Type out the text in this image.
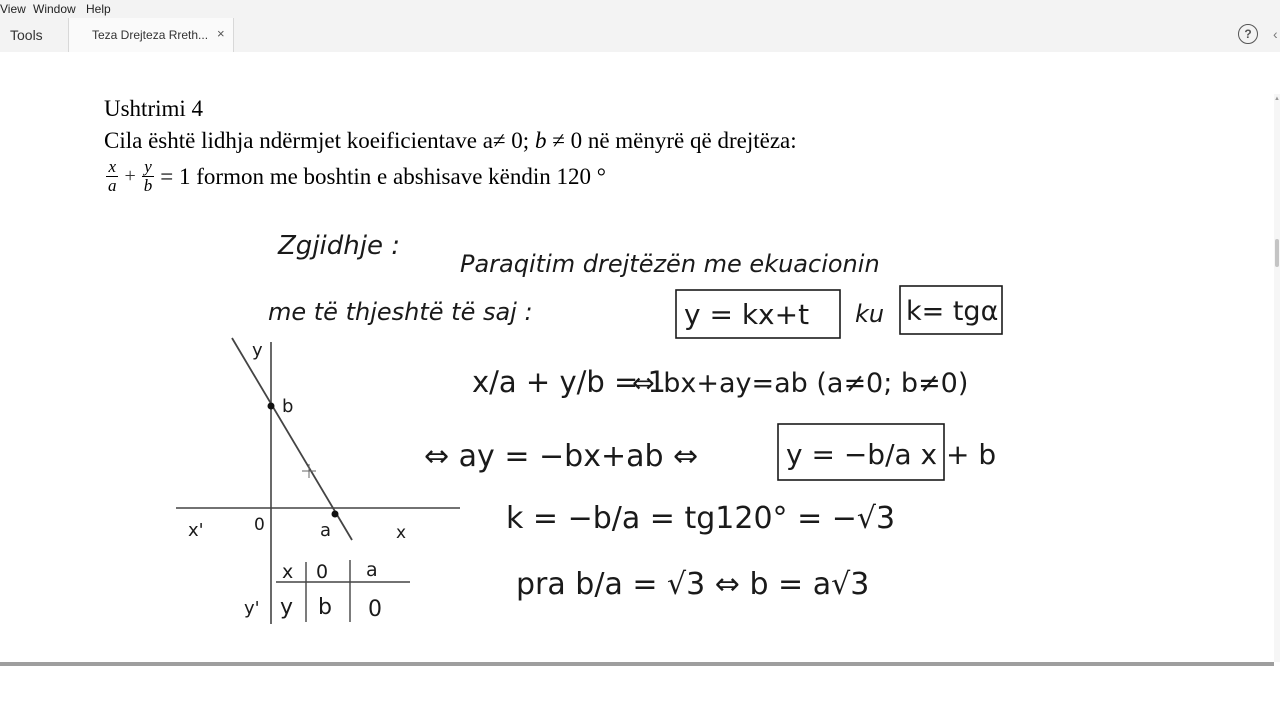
View Window Help
Tools	Teza Drejteza Rreth... ×	?	‹
Ushtrimi 4
Cila është lidhja ndërmjet koeificientave a≠ 0; b ≠ 0 në mënyrë që drejtëza:
$\frac{x}{a} + \frac{y}{b} = 1$ formon me boshtin e abshisave këndin 120 °
Zgjidhje :
Paraqitim drejtëzën me ekuacionin
me të thjeshtë të saj :	y = kx+t ku k= tgα
x/a + y/b = 1
⇔ bx+ay=ab (a≠0; b≠0)
⇔ ay = −bx+ab ⇔	y = −b/a x + b
k = −b/a = tg120° = −√3
pra b/a = √3 ⇔ b = a√3
y
b
x
x'	0	a
y'
x 0 a
y b 0
▲
